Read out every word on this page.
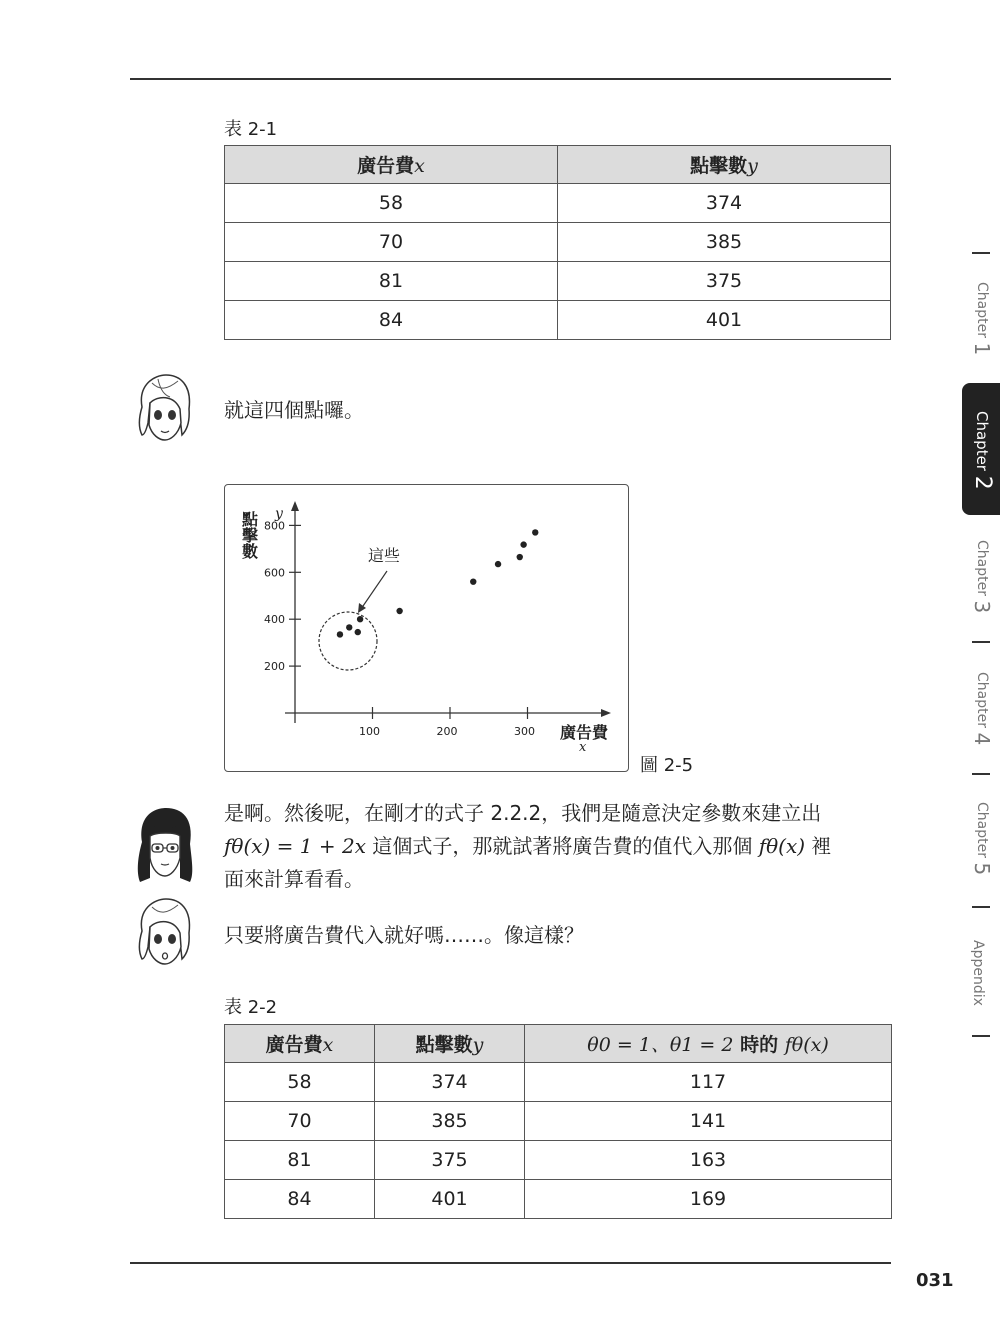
表 2-1
廣告費x	點擊數y
58	374
70	385
81	375
84	401
就這四個點囉。
點擊數 y
廣告費
x
100	200	300
200
400
600
800
這些
圖 2-5
是啊。然後呢，在剛才的式子 2.2.2，我們是隨意決定參數來建立出
fθ(x) = 1 + 2x 這個式子，那就試著將廣告費的值代入那個 fθ(x) 裡
面來計算看看。
只要將廣告費代入就好嗎……。像這樣？
表 2-2
廣告費x	點擊數y	θ0 = 1、θ1 = 2 時的 fθ(x)
58	374	117
70	385	141
81	375	163
84	401	169
031
Chapter 1
Chapter 2
Chapter 3
Chapter 4
Chapter 5
Appendix
